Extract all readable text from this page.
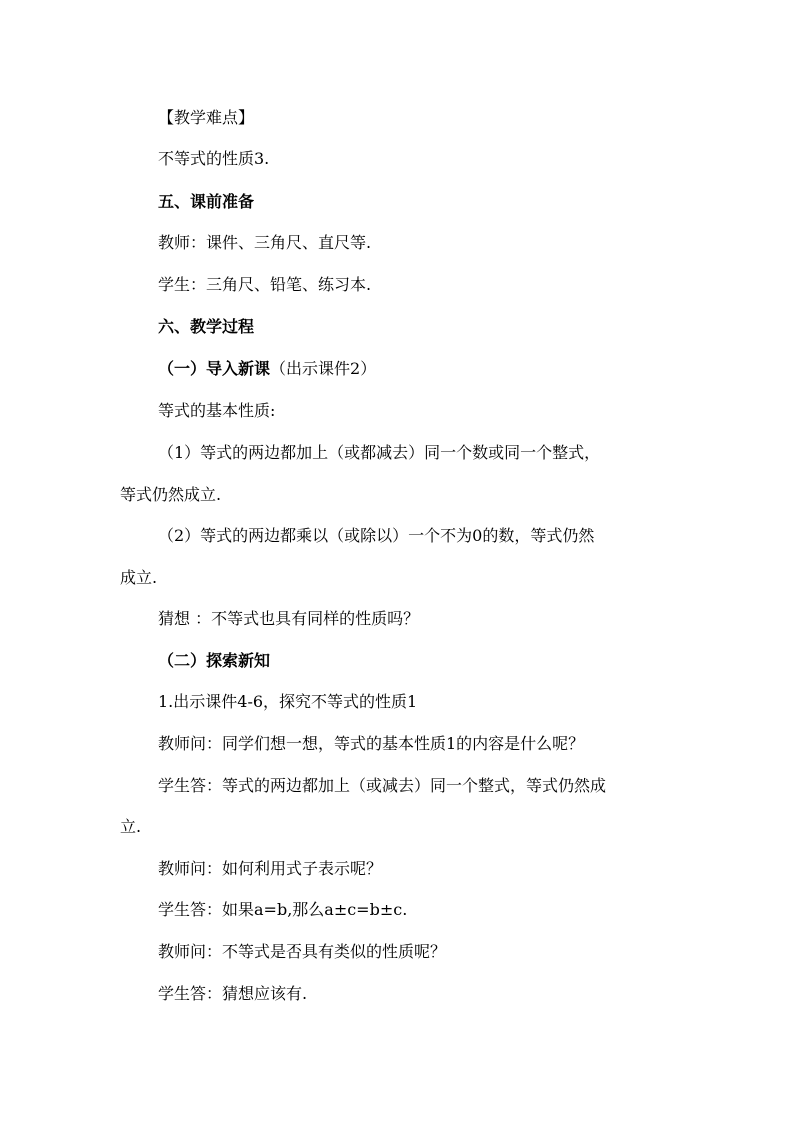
【教学难点】
不等式的性质3.
五、课前准备
教师：课件、三角尺、直尺等.
学生：三角尺、铅笔、练习本.
六、教学过程
（一）导入新课（出示课件2）
等式的基本性质:
（1）等式的两边都加上（或都减去）同一个数或同一个整式，
等式仍然成立.
（2）等式的两边都乘以（或除以）一个不为0的数，等式仍然
成立.
猜想 ：不等式也具有同样的性质吗？
（二）探索新知
1.出示课件4-6，探究不等式的性质1
教师问：同学们想一想，等式的基本性质1的内容是什么呢？
学生答：等式的两边都加上（或减去）同一个整式，等式仍然成
立.
教师问：如何利用式子表示呢？
学生答：如果a=b,那么a±c=b±c.
教师问：不等式是否具有类似的性质呢？
学生答：猜想应该有.
